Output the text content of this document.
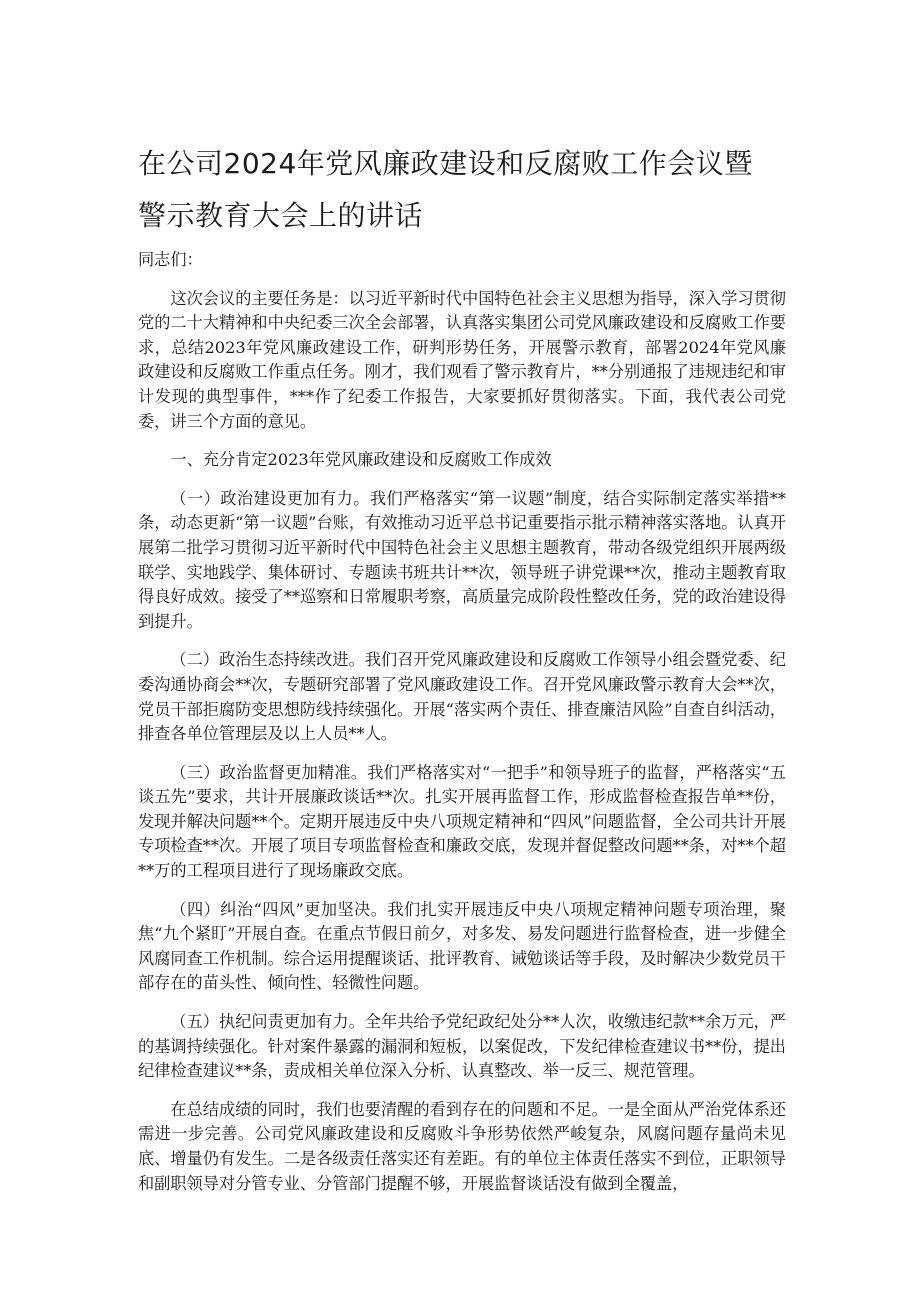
在公司2024年党风廉政建设和反腐败工作会议暨警示教育大会上的讲话

同志们：

这次会议的主要任务是：以习近平新时代中国特色社会主义思想为指导，深入学习贯彻党的二十大精神和中央纪委三次全会部署，认真落实集团公司党风廉政建设和反腐败工作要求，总结2023年党风廉政建设工作，研判形势任务，开展警示教育，部署2024年党风廉政建设和反腐败工作重点任务。刚才，我们观看了警示教育片，**分别通报了违规违纪和审计发现的典型事件，***作了纪委工作报告，大家要抓好贯彻落实。下面，我代表公司党委，讲三个方面的意见。

一、充分肯定2023年党风廉政建设和反腐败工作成效

（一）政治建设更加有力。我们严格落实“第一议题”制度，结合实际制定落实举措**条，动态更新“第一议题”台账，有效推动习近平总书记重要指示批示精神落实落地。认真开展第二批学习贯彻习近平新时代中国特色社会主义思想主题教育，带动各级党组织开展两级联学、实地践学、集体研讨、专题读书班共计**次，领导班子讲党课**次，推动主题教育取得良好成效。接受了**巡察和日常履职考察，高质量完成阶段性整改任务，党的政治建设得到提升。

（二）政治生态持续改进。我们召开党风廉政建设和反腐败工作领导小组会暨党委、纪委沟通协商会**次，专题研究部署了党风廉政建设工作。召开党风廉政警示教育大会**次，党员干部拒腐防变思想防线持续强化。开展“落实两个责任、排查廉洁风险”自查自纠活动，排查各单位管理层及以上人员**人。

（三）政治监督更加精准。我们严格落实对“一把手”和领导班子的监督，严格落实“五谈五先”要求，共计开展廉政谈话**次。扎实开展再监督工作，形成监督检查报告单**份，发现并解决问题**个。定期开展违反中央八项规定精神和“四风”问题监督，全公司共计开展专项检查**次。开展了项目专项监督检查和廉政交底，发现并督促整改问题**条，对**个超**万的工程项目进行了现场廉政交底。

（四）纠治“四风”更加坚决。我们扎实开展违反中央八项规定精神问题专项治理，聚焦“九个紧盯”开展自查。在重点节假日前夕，对多发、易发问题进行监督检查，进一步健全风腐同查工作机制。综合运用提醒谈话、批评教育、诫勉谈话等手段，及时解决少数党员干部存在的苗头性、倾向性、轻微性问题。

（五）执纪问责更加有力。全年共给予党纪政纪处分**人次，收缴违纪款**余万元，严的基调持续强化。针对案件暴露的漏洞和短板，以案促改，下发纪律检查建议书**份，提出纪律检查建议**条，责成相关单位深入分析、认真整改、举一反三、规范管理。

在总结成绩的同时，我们也要清醒的看到存在的问题和不足。一是全面从严治党体系还需进一步完善。公司党风廉政建设和反腐败斗争形势依然严峻复杂，风腐问题存量尚未见底、增量仍有发生。二是各级责任落实还有差距。有的单位主体责任落实不到位，正职领导和副职领导对分管专业、分管部门提醒不够，开展监督谈话没有做到全覆盖，
